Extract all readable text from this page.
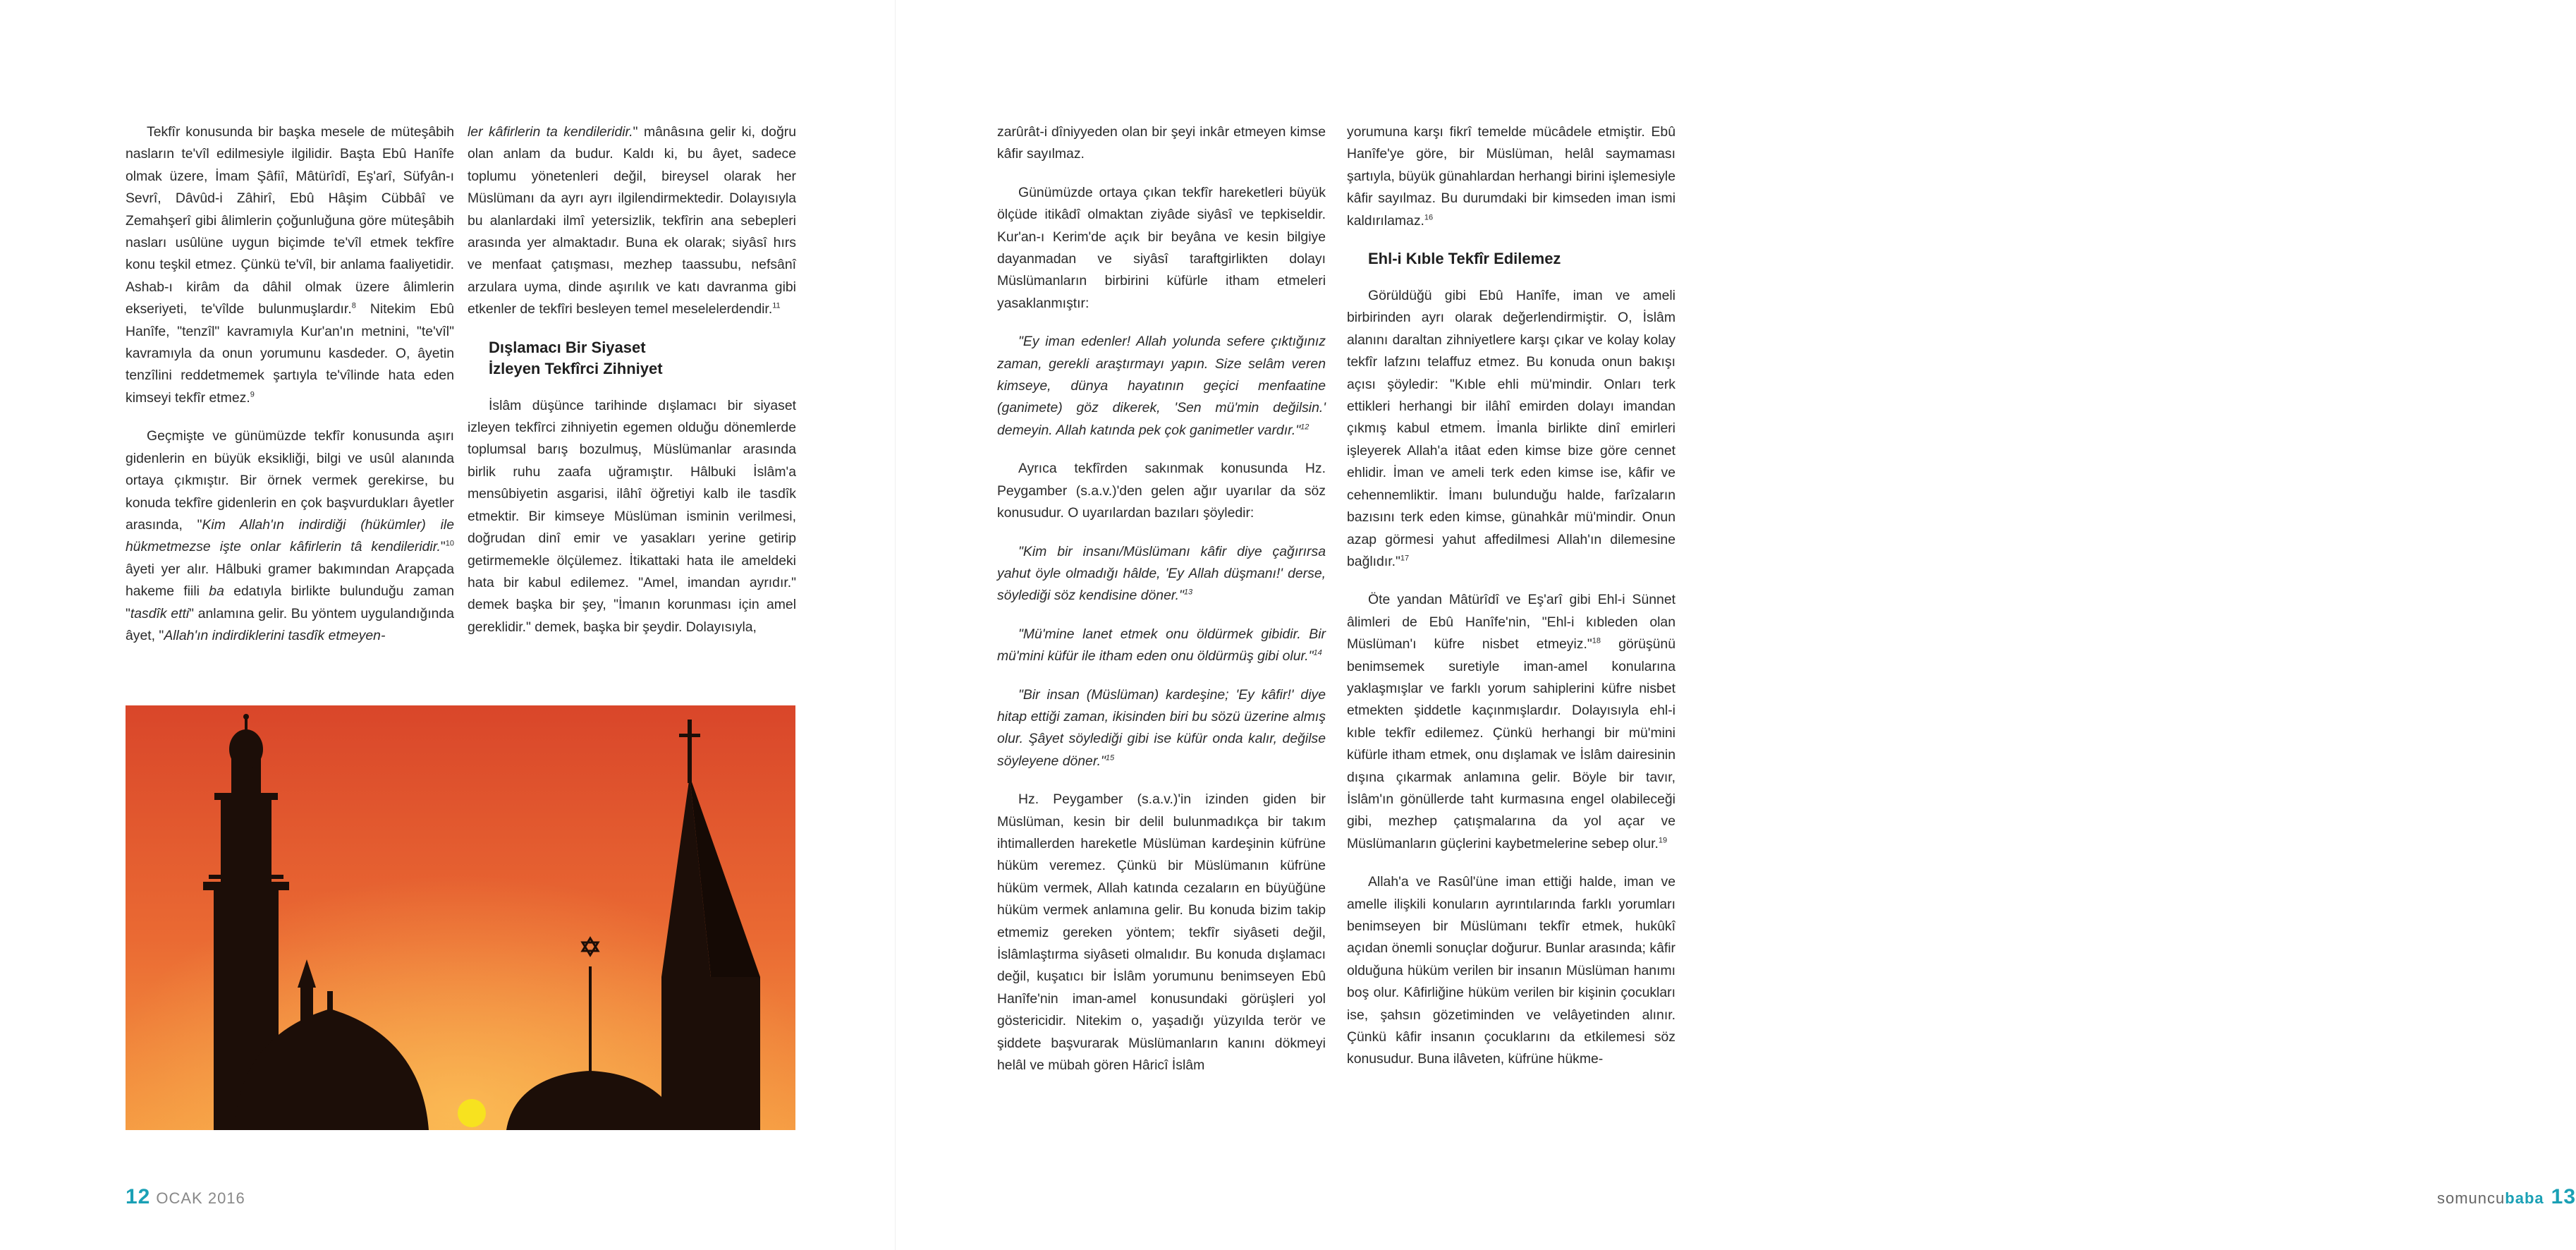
Tekfîr konusunda bir başka mesele de müteşâbih nasların te'vîl edilmesiyle ilgilidir. Başta Ebû Hanîfe olmak üzere, İmam Şâfiî, Mâtürîdî, Eş'arî, Süfyân-ı Sevrî, Dâvûd-i Zâhirî, Ebû Hâşim Cübbâî ve Zemahşerî gibi âlimlerin çoğunluğuna göre müteşâbih nasları usûlüne uygun biçimde te'vîl etmek tekfîre konu teşkil etmez. Çünkü te'vîl, bir anlama faaliyetidir. Ashab-ı kirâm da dâhil olmak üzere âlimlerin ekseriyeti, te'vîlde bulunmuşlardır.$^8$ Nitekim Ebû Hanîfe, "tenzîl" kavramıyla Kur'an'ın metnini, "te'vîl" kavramıyla da onun yorumunu kasdeder. O, âyetin tenzîlini reddetmemek şartıyla te'vîlinde hata eden kimseyi tekfîr etmez.$^9$

Geçmişte ve günümüzde tekfîr konusunda aşırı gidenlerin en büyük eksikliği, bilgi ve usûl alanında ortaya çıkmıştır. Bir örnek vermek gerekirse, bu konuda tekfîre gidenlerin en çok başvurdukları âyetler arasında, "Kim Allah'ın indirdiği (hükümler) ile hükmetmezse işte onlar kâfirlerin tâ kendileridir."$^{10}$ âyeti yer alır. Hâlbuki gramer bakımından Arapçada hakeme fiili ba edatıyla birlikte bulunduğu zaman "tasdîk etti" anlamına gelir. Bu yöntem uygulandığında âyet, "Allah'ın indirdiklerini tasdîk etmeyen-

ler kâfirlerin ta kendileridir." mânâsına gelir ki, doğru olan anlam da budur. Kaldı ki, bu âyet, sadece toplumu yönetenleri değil, bireysel olarak her Müslümanı da ayrı ayrı ilgilendirmektedir. Dolayısıyla bu alanlardaki ilmî yetersizlik, tekfîrin ana sebepleri arasında yer almaktadır. Buna ek olarak; siyâsî hırs ve menfaat çatışması, mezhep taassubu, nefsânî arzulara uyma, dinde aşırılık ve katı davranma gibi etkenler de tekfîri besleyen temel meselelerdendir.$^{11}$

Dışlamacı Bir Siyaset
İzleyen Tekfîrci Zihniyet

İslâm düşünce tarihinde dışlamacı bir siyaset izleyen tekfîrci zihniyetin egemen olduğu dönemlerde toplumsal barış bozulmuş, Müslümanlar arasında birlik ruhu zaafa uğramıştır. Hâlbuki İslâm'a mensûbiyetin asgarisi, ilâhî öğretiyi kalb ile tasdîk etmektir. Bir kimseye Müslüman isminin verilmesi, doğrudan dinî emir ve yasakları yerine getirip getirmemekle ölçülemez. İtikattaki hata ile ameldeki hata bir kabul edilemez. "Amel, imandan ayrıdır." demek başka bir şey, "İmanın korunması için amel gereklidir." demek, başka bir şeydir. Dolayısıyla,

12 OCAK 2016

zarûrât-i dîniyyeden olan bir şeyi inkâr etmeyen kimse kâfir sayılmaz.

Günümüzde ortaya çıkan tekfîr hareketleri büyük ölçüde itikâdî olmaktan ziyâde siyâsî ve tepkiseldir. Kur'an-ı Kerim'de açık bir beyâna ve kesin bilgiye dayanmadan ve siyâsî taraftgirlikten dolayı Müslümanların birbirini küfürle itham etmeleri yasaklanmıştır:

"Ey iman edenler! Allah yolunda sefere çıktığınız zaman, gerekli araştırmayı yapın. Size selâm veren kimseye, dünya hayatının geçici menfaatine (ganimete) göz dikerek, 'Sen mü'min değilsin.' demeyin. Allah katında pek çok ganimetler vardır."$^{12}$

Ayrıca tekfîrden sakınmak konusunda Hz. Peygamber (s.a.v.)'den gelen ağır uyarılar da söz konusudur. O uyarılardan bazıları şöyledir:

"Kim bir insanı/Müslümanı kâfir diye çağırırsa yahut öyle olmadığı hâlde, 'Ey Allah düşmanı!' derse, söylediği söz kendisine döner."$^{13}$

"Mü'mine lanet etmek onu öldürmek gibidir. Bir mü'mini küfür ile itham eden onu öldürmüş gibi olur."$^{14}$

"Bir insan (Müslüman) kardeşine; 'Ey kâfir!' diye hitap ettiği zaman, ikisinden biri bu sözü üzerine almış olur. Şâyet söylediği gibi ise küfür onda kalır, değilse söyleyene döner."$^{15}$

Hz. Peygamber (s.a.v.)'in izinden giden bir Müslüman, kesin bir delil bulunmadıkça bir takım ihtimallerden hareketle Müslüman kardeşinin küfrüne hüküm veremez. Çünkü bir Müslümanın küfrüne hüküm vermek, Allah katında cezaların en büyüğüne hüküm vermek anlamına gelir. Bu konuda bizim takip etmemiz gereken yöntem; tekfîr siyâseti değil, İslâmlaştırma siyâseti olmalıdır. Bu konuda dışlamacı değil, kuşatıcı bir İslâm yorumunu benimseyen Ebû Hanîfe'nin iman-amel konusundaki görüşleri yol göstericidir. Nitekim o, yaşadığı yüzyılda terör ve şiddete başvurarak Müslümanların kanını dökmeyi helâl ve mübah gören Hâricî İslâm

yorumuna karşı fikrî temelde mücâdele etmiştir. Ebû Hanîfe'ye göre, bir Müslüman, helâl saymaması şartıyla, büyük günahlardan herhangi birini işlemesiyle kâfir sayılmaz. Bu durumdaki bir kimseden iman ismi kaldırılamaz.$^{16}$

Ehl-i Kıble Tekfîr Edilemez

Görüldüğü gibi Ebû Hanîfe, iman ve ameli birbirinden ayrı olarak değerlendirmiştir. O, İslâm alanını daraltan zihniyetlere karşı çıkar ve kolay kolay tekfîr lafzını telaffuz etmez. Bu konuda onun bakışı açısı şöyledir: "Kıble ehli mü'mindir. Onları terk ettikleri herhangi bir ilâhî emirden dolayı imandan çıkmış kabul etmem. İmanla birlikte dinî emirleri işleyerek Allah'a itâat eden kimse bize göre cennet ehlidir. İman ve ameli terk eden kimse ise, kâfir ve cehennemliktir. İmanı bulunduğu halde, farîzaların bazısını terk eden kimse, günahkâr mü'mindir. Onun azap görmesi yahut affedilmesi Allah'ın dilemesine bağlıdır."$^{17}$

Öte yandan Mâtürîdî ve Eş'arî gibi Ehl-i Sünnet âlimleri de Ebû Hanîfe'nin, "Ehl-i kıbleden olan Müslüman'ı küfre nisbet etmeyiz."$^{18}$ görüşünü benimsemek suretiyle iman-amel konularına yaklaşmışlar ve farklı yorum sahiplerini küfre nisbet etmekten şiddetle kaçınmışlardır. Dolayısıyla ehl-i kıble tekfîr edilemez. Çünkü herhangi bir mü'mini küfürle itham etmek, onu dışlamak ve İslâm dairesinin dışına çıkarmak anlamına gelir. Böyle bir tavır, İslâm'ın gönüllerde taht kurmasına engel olabileceği gibi, mezhep çatışmalarına da yol açar ve Müslümanların güçlerini kaybetmelerine sebep olur.$^{19}$

Allah'a ve Rasûl'üne iman ettiği halde, iman ve amelle ilişkili konuların ayrıntılarında farklı yorumları benimseyen bir Müslümanı tekfîr etmek, hukûkî açıdan önemli sonuçlar doğurur. Bunlar arasında; kâfir olduğuna hüküm verilen bir insanın Müslüman hanımı boş olur. Kâfirliğine hüküm verilen bir kişinin çocukları ise, şahsın gözetiminden ve velâyetinden alınır. Çünkü kâfir insanın çocuklarını da etkilemesi söz konusudur. Buna ilâveten, küfrüne hükme-

somuncubaba 13
